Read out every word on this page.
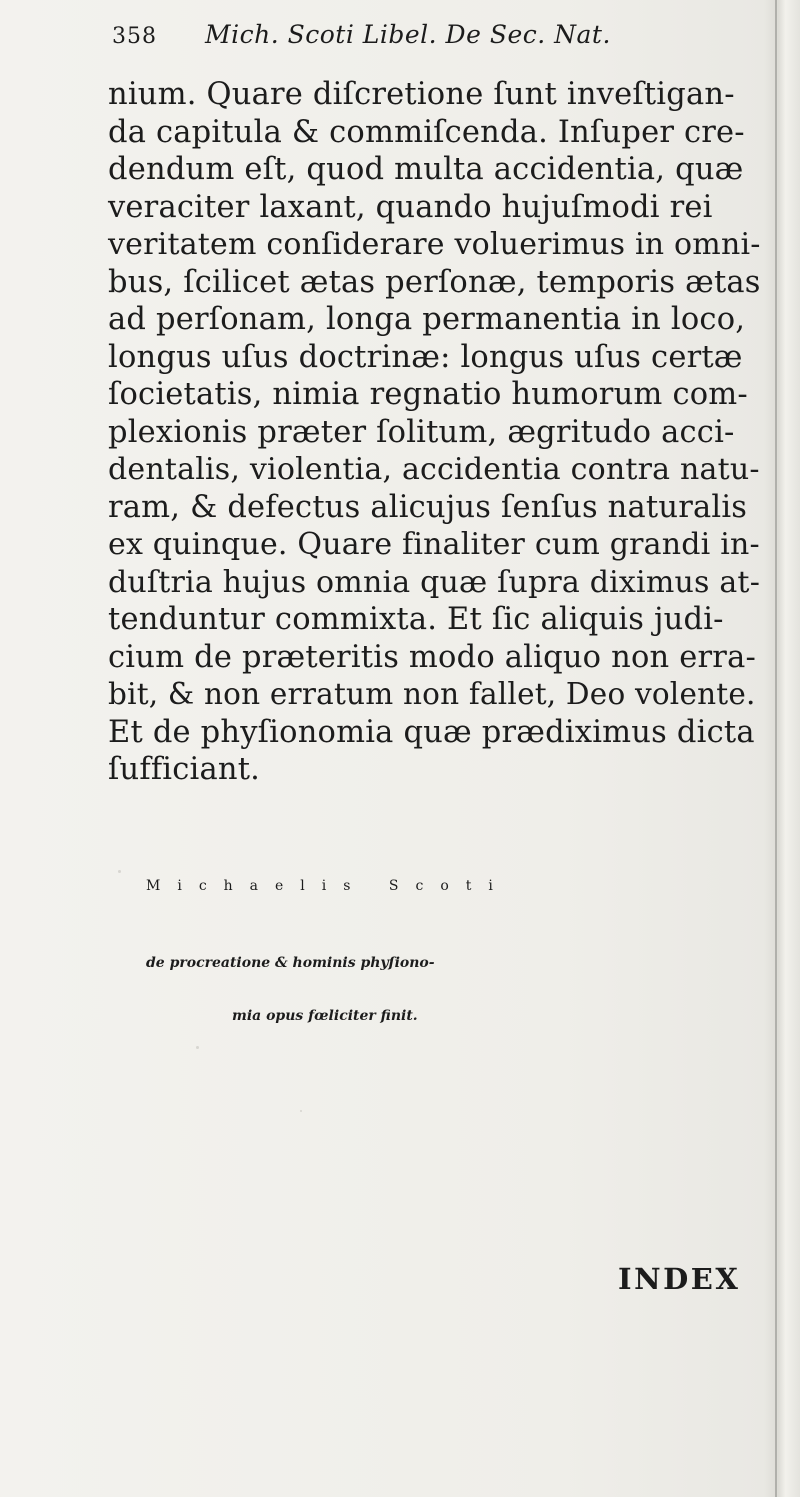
358 Mich. Scoti Libel. De Sec. Nat.
nium. Quare diſcretione ſunt inveſtigan-
da capitula & commiſcenda. Inſuper cre-
dendum eſt, quod multa accidentia, quæ
veraciter laxant, quando hujuſmodi rei
veritatem conſiderare voluerimus in omni-
bus, ſcilicet ætas perſonæ, temporis ætas
ad perſonam, longa permanentia in loco,
longus uſus doctrinæ: longus uſus certæ
ſocietatis, nimia regnatio humorum com-
plexionis præter ſolitum, ægritudo acci-
dentalis, violentia, accidentia contra natu-
ram, & defectus alicujus ſenſus naturalis
ex quinque. Quare finaliter cum grandi in-
duſtria hujus omnia quæ ſupra diximus at-
tenduntur commixta. Et ſic aliquis judi-
cium de præteritis modo aliquo non erra-
bit, & non erratum non fallet, Deo volente.
Et de phyſionomia quæ prædiximus dicta
ſufficiant.
Michaelis Scoti
de procreatione & hominis phyſiono-
mia opus fœliciter finit.
INDEX
